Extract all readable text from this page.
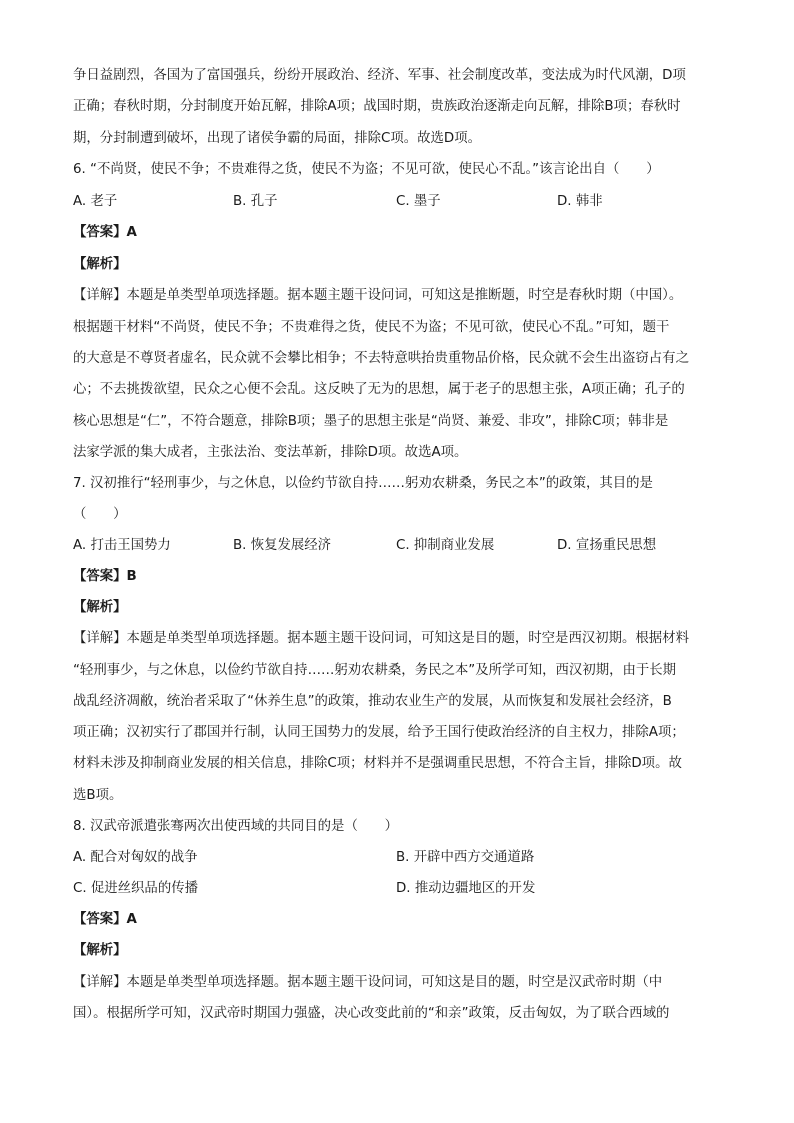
争日益剧烈，各国为了富国强兵，纷纷开展政治、经济、军事、社会制度改革，变法成为时代风潮，D项
正确；春秋时期，分封制度开始瓦解，排除A项；战国时期，贵族政治逐渐走向瓦解，排除B项；春秋时
期，分封制遭到破坏，出现了诸侯争霸的局面，排除C项。故选D项。
6. “不尚贤，使民不争；不贵难得之货，使民不为盗；不见可欲，使民心不乱。”该言论出自（　　）
A. 老子	B. 孔子	C. 墨子	D. 韩非
【答案】A
【解析】
【详解】本题是单类型单项选择题。据本题主题干设问词，可知这是推断题，时空是春秋时期（中国）。
根据题干材料“不尚贤，使民不争；不贵难得之货，使民不为盗；不见可欲，使民心不乱。”可知，题干
的大意是不尊贤者虚名，民众就不会攀比相争；不去特意哄抬贵重物品价格，民众就不会生出盗窃占有之
心；不去挑拨欲望，民众之心便不会乱。这反映了无为的思想，属于老子的思想主张，A项正确；孔子的
核心思想是“仁”，不符合题意，排除B项；墨子的思想主张是“尚贤、兼爱、非攻”，排除C项；韩非是
法家学派的集大成者，主张法治、变法革新，排除D项。故选A项。
7. 汉初推行“轻刑事少，与之休息，以俭约节欲自持……躬劝农耕桑，务民之本”的政策，其目的是
（　　）
A. 打击王国势力	B. 恢复发展经济	C. 抑制商业发展	D. 宣扬重民思想
【答案】B
【解析】
【详解】本题是单类型单项选择题。据本题主题干设问词，可知这是目的题，时空是西汉初期。根据材料
“轻刑事少，与之休息，以俭约节欲自持……躬劝农耕桑，务民之本”及所学可知，西汉初期，由于长期
战乱经济凋敝，统治者采取了“休养生息”的政策，推动农业生产的发展，从而恢复和发展社会经济，B
项正确；汉初实行了郡国并行制，认同王国势力的发展，给予王国行使政治经济的自主权力，排除A项；
材料未涉及抑制商业发展的相关信息，排除C项；材料并不是强调重民思想，不符合主旨，排除D项。故
选B项。
8. 汉武帝派遣张骞两次出使西域的共同目的是（　　）
A. 配合对匈奴的战争	B. 开辟中西方交通道路
C. 促进丝织品的传播	D. 推动边疆地区的开发
【答案】A
【解析】
【详解】本题是单类型单项选择题。据本题主题干设问词，可知这是目的题，时空是汉武帝时期（中
国）。根据所学可知，汉武帝时期国力强盛，决心改变此前的“和亲”政策，反击匈奴，为了联合西域的
